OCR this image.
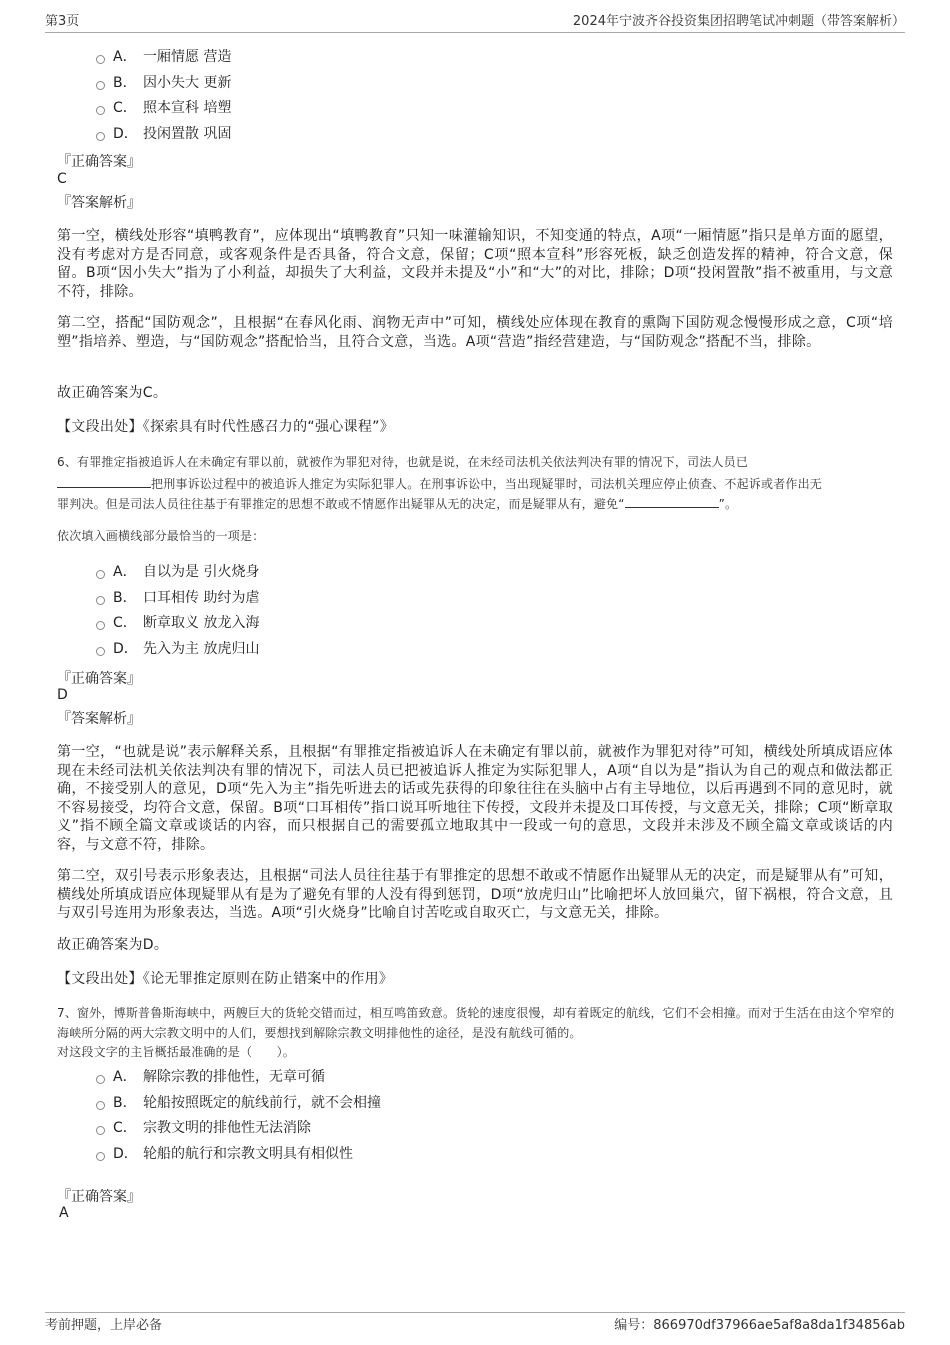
第3页	2024年宁波齐谷投资集团招聘笔试冲刺题（带答案解析）
A． 一厢情愿 营造
B． 因小失大 更新
C． 照本宣科 培塑
D． 投闲置散 巩固
『正确答案』
C
『答案解析』
第一空，横线处形容“填鸭教育”，应体现出“填鸭教育”只知一味灌输知识，不知变通的特点，A项“一厢情愿”指只是单方面的愿望，没有考虑对方是否同意，或客观条件是否具备，符合文意，保留；C项“照本宣科”形容死板，缺乏创造发挥的精神，符合文意，保留。B项“因小失大”指为了小利益，却损失了大利益，文段并未提及“小”和“大”的对比，排除；D项“投闲置散”指不被重用，与文意不符，排除。
第二空，搭配“国防观念”，且根据“在春风化雨、润物无声中”可知，横线处应体现在教育的熏陶下国防观念慢慢形成之意，C项“培塑”指培养、塑造，与“国防观念”搭配恰当，且符合文意，当选。A项“营造”指经营建造，与“国防观念”搭配不当，排除。
故正确答案为C。
【文段出处】《探索具有时代性感召力的“强心课程”》
6、有罪推定指被追诉人在未确定有罪以前，就被作为罪犯对待，也就是说，在未经司法机关依法判决有罪的情况下，司法人员已
把刑事诉讼过程中的被追诉人推定为实际犯罪人。在刑事诉讼中，当出现疑罪时，司法机关理应停止侦查、不起诉或者作出无
罪判决。但是司法人员往往基于有罪推定的思想不敢或不情愿作出疑罪从无的决定，而是疑罪从有，避免“	”。
依次填入画横线部分最恰当的一项是：
A． 自以为是 引火烧身
B． 口耳相传 助纣为虐
C． 断章取义 放龙入海
D． 先入为主 放虎归山
『正确答案』
D
『答案解析』
第一空，“也就是说”表示解释关系，且根据“有罪推定指被追诉人在未确定有罪以前，就被作为罪犯对待”可知，横线处所填成语应体现在未经司法机关依法判决有罪的情况下，司法人员已把被追诉人推定为实际犯罪人，A项“自以为是”指认为自己的观点和做法都正确，不接受别人的意见，D项“先入为主”指先听进去的话或先获得的印象往往在头脑中占有主导地位，以后再遇到不同的意见时，就不容易接受，均符合文意，保留。B项“口耳相传”指口说耳听地往下传授，文段并未提及口耳传授，与文意无关，排除；C项“断章取义”指不顾全篇文章或谈话的内容，而只根据自己的需要孤立地取其中一段或一句的意思，文段并未涉及不顾全篇文章或谈话的内容，与文意不符，排除。
第二空，双引号表示形象表达，且根据“司法人员往往基于有罪推定的思想不敢或不情愿作出疑罪从无的决定，而是疑罪从有”可知，横线处所填成语应体现疑罪从有是为了避免有罪的人没有得到惩罚，D项“放虎归山”比喻把坏人放回巢穴，留下祸根，符合文意，且与双引号连用为形象表达，当选。A项“引火烧身”比喻自讨苦吃或自取灭亡，与文意无关，排除。
故正确答案为D。
【文段出处】《论无罪推定原则在防止错案中的作用》
7、窗外，博斯普鲁斯海峡中，两艘巨大的货轮交错而过，相互鸣笛致意。货轮的速度很慢，却有着既定的航线，它们不会相撞。而对于生活在由这个窄窄的海峡所分隔的两大宗教文明中的人们，要想找到解除宗教文明排他性的途径，是没有航线可循的。
对这段文字的主旨概括最准确的是（　　）。
A． 解除宗教的排他性，无章可循
B． 轮船按照既定的航线前行，就不会相撞
C． 宗教文明的排他性无法消除
D． 轮船的航行和宗教文明具有相似性
『正确答案』
A
考前押题，上岸必备	编号：866970df37966ae5af8a8da1f34856ab
